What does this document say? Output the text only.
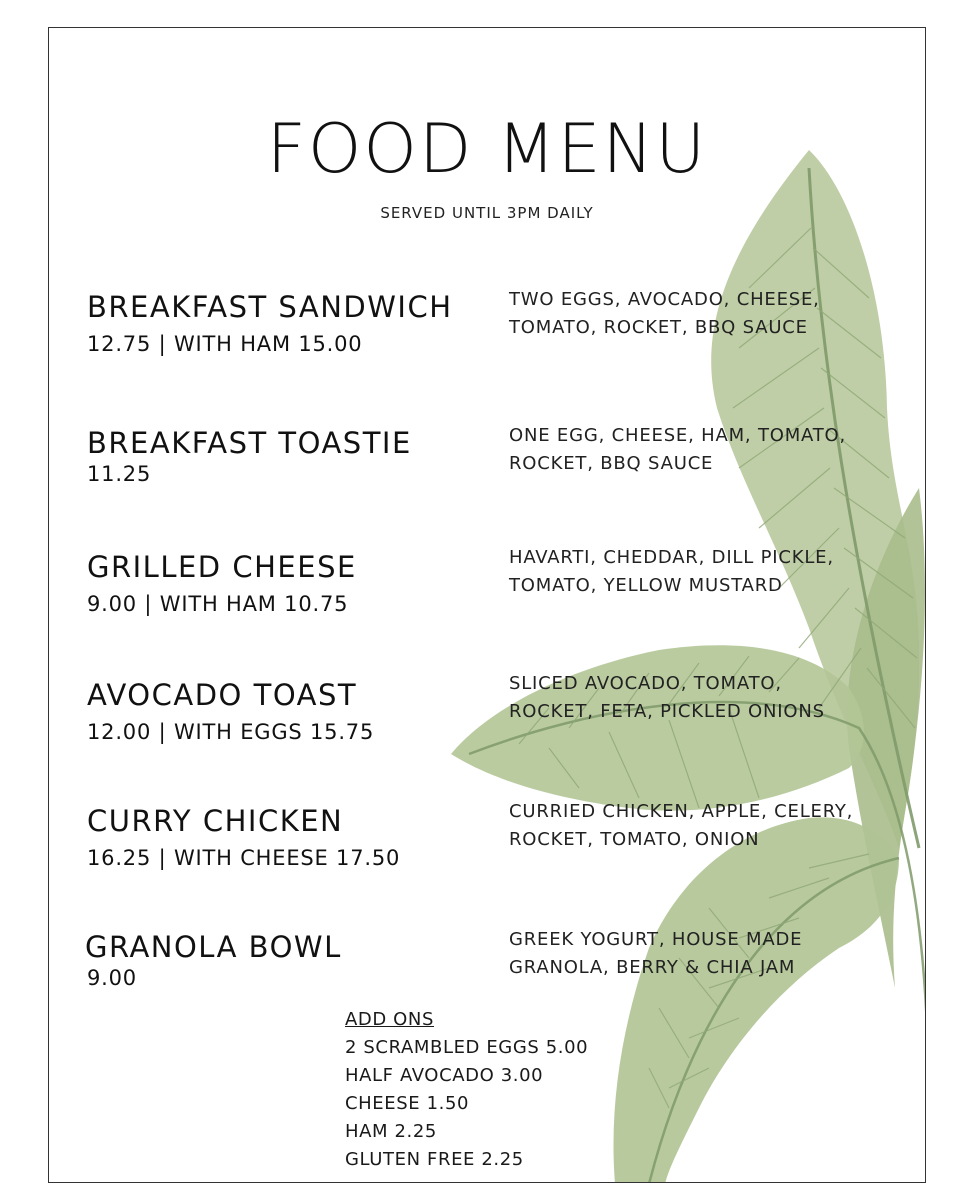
FOOD MENU
SERVED UNTIL 3PM DAILY
BREAKFAST SANDWICH
12.75 | WITH HAM 15.00
TWO EGGS, AVOCADO, CHEESE,
TOMATO, ROCKET, BBQ SAUCE
BREAKFAST TOASTIE
11.25
ONE EGG, CHEESE, HAM, TOMATO,
ROCKET, BBQ SAUCE
GRILLED CHEESE
9.00 | WITH HAM 10.75
HAVARTI, CHEDDAR, DILL PICKLE,
TOMATO, YELLOW MUSTARD
AVOCADO TOAST
12.00 | WITH EGGS 15.75
SLICED AVOCADO, TOMATO,
ROCKET, FETA, PICKLED ONIONS
CURRY CHICKEN
16.25 | WITH CHEESE 17.50
CURRIED CHICKEN, APPLE, CELERY,
ROCKET, TOMATO, ONION
GRANOLA BOWL
9.00
GREEK YOGURT, HOUSE MADE
GRANOLA, BERRY & CHIA JAM
ADD ONS
2 SCRAMBLED EGGS 5.00
HALF AVOCADO 3.00
CHEESE 1.50
HAM 2.25
GLUTEN FREE 2.25
